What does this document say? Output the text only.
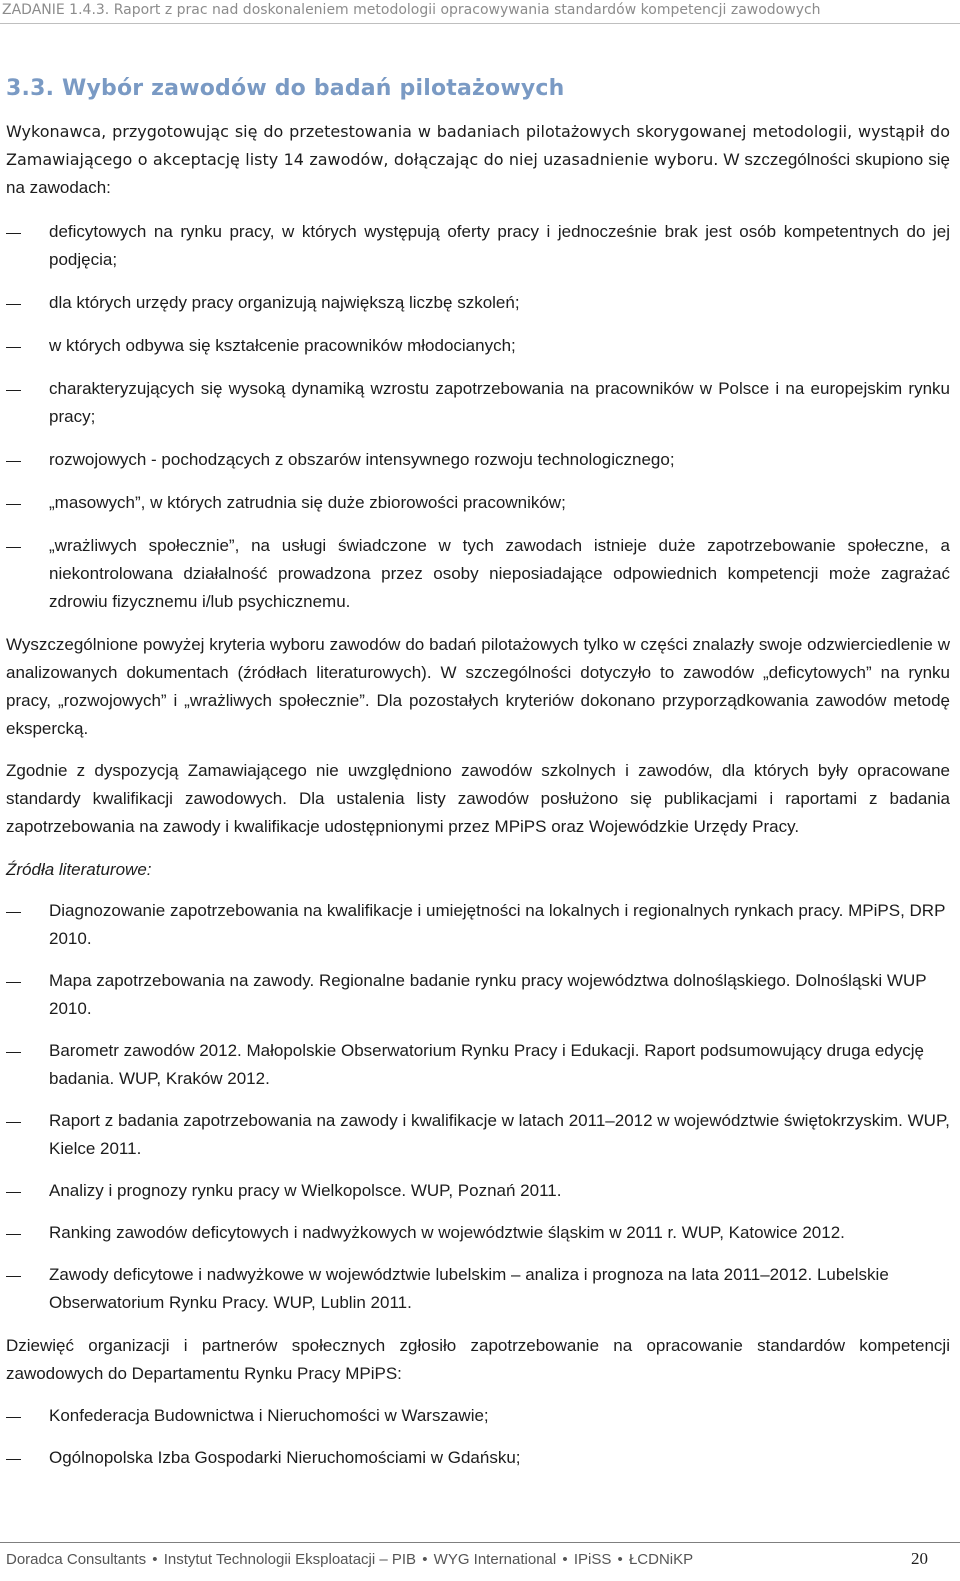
ZADANIE 1.4.3. Raport z prac nad doskonaleniem metodologii opracowywania standardów kompetencji zawodowych
3.3. Wybór zawodów do badań pilotażowych

Wykonawca, przygotowując się do przetestowania w badaniach pilotażowych skorygowanej metodologii, wystąpił do Zamawiającego o akceptację listy 14 zawodów, dołączając do niej uzasadnienie wyboru. W szczególności skupiono się na zawodach:

deficytowych na rynku pracy, w których występują oferty pracy i jednocześnie brak jest osób kompetentnych do jej podjęcia;
dla których urzędy pracy organizują największą liczbę szkoleń;
w których odbywa się kształcenie pracowników młodocianych;
charakteryzujących się wysoką dynamiką wzrostu zapotrzebowania na pracowników w Polsce i na europejskim rynku pracy;
rozwojowych - pochodzących z obszarów intensywnego rozwoju technologicznego;
„masowych”, w których zatrudnia się duże zbiorowości pracowników;
„wrażliwych społecznie”, na usługi świadczone w tych zawodach istnieje duże zapotrzebowanie społeczne, a niekontrolowana działalność prowadzona przez osoby nieposiadające odpowiednich kompetencji może zagrażać zdrowiu fizycznemu i/lub psychicznemu.

Wyszczególnione powyżej kryteria wyboru zawodów do badań pilotażowych tylko w części znalazły swoje odzwierciedlenie w analizowanych dokumentach (źródłach literaturowych). W szczególności dotyczyło to zawodów „deficytowych” na rynku pracy, „rozwojowych” i „wrażliwych społecznie”. Dla pozostałych kryteriów dokonano przyporządkowania zawodów metodę ekspercką.

Zgodnie z dyspozycją Zamawiającego nie uwzględniono zawodów szkolnych i zawodów, dla których były opracowane standardy kwalifikacji zawodowych. Dla ustalenia listy zawodów posłużono się publikacjami i raportami z badania zapotrzebowania na zawody i kwalifikacje udostępnionymi przez MPiPS oraz Wojewódzkie Urzędy Pracy.

Źródła literaturowe:

Diagnozowanie zapotrzebowania na kwalifikacje i umiejętności na lokalnych i regionalnych rynkach pracy. MPiPS, DRP 2010.
Mapa zapotrzebowania na zawody. Regionalne badanie rynku pracy województwa dolnośląskiego. Dolnośląski WUP 2010.
Barometr zawodów 2012. Małopolskie Obserwatorium Rynku Pracy i Edukacji. Raport podsumowujący druga edycję badania. WUP, Kraków 2012.
Raport z badania zapotrzebowania na zawody i kwalifikacje w latach 2011–2012 w województwie świętokrzyskim. WUP, Kielce 2011.
Analizy i prognozy rynku pracy w Wielkopolsce. WUP, Poznań 2011.
Ranking zawodów deficytowych i nadwyżkowych w województwie śląskim w 2011 r. WUP, Katowice 2012.
Zawody deficytowe i nadwyżkowe w województwie lubelskim – analiza i prognoza na lata 2011–2012. Lubelskie Obserwatorium Rynku Pracy. WUP, Lublin 2011.

Dziewięć organizacji i partnerów społecznych zgłosiło zapotrzebowanie na opracowanie standardów kompetencji zawodowych do Departamentu Rynku Pracy MPiPS:

Konfederacja Budownictwa i Nieruchomości w Warszawie;
Ogólnopolska Izba Gospodarki Nieruchomościami w Gdańsku;
Doradca Consultants • Instytut Technologii Eksploatacji – PIB • WYG International • IPiSS • ŁCDNiKP	20
